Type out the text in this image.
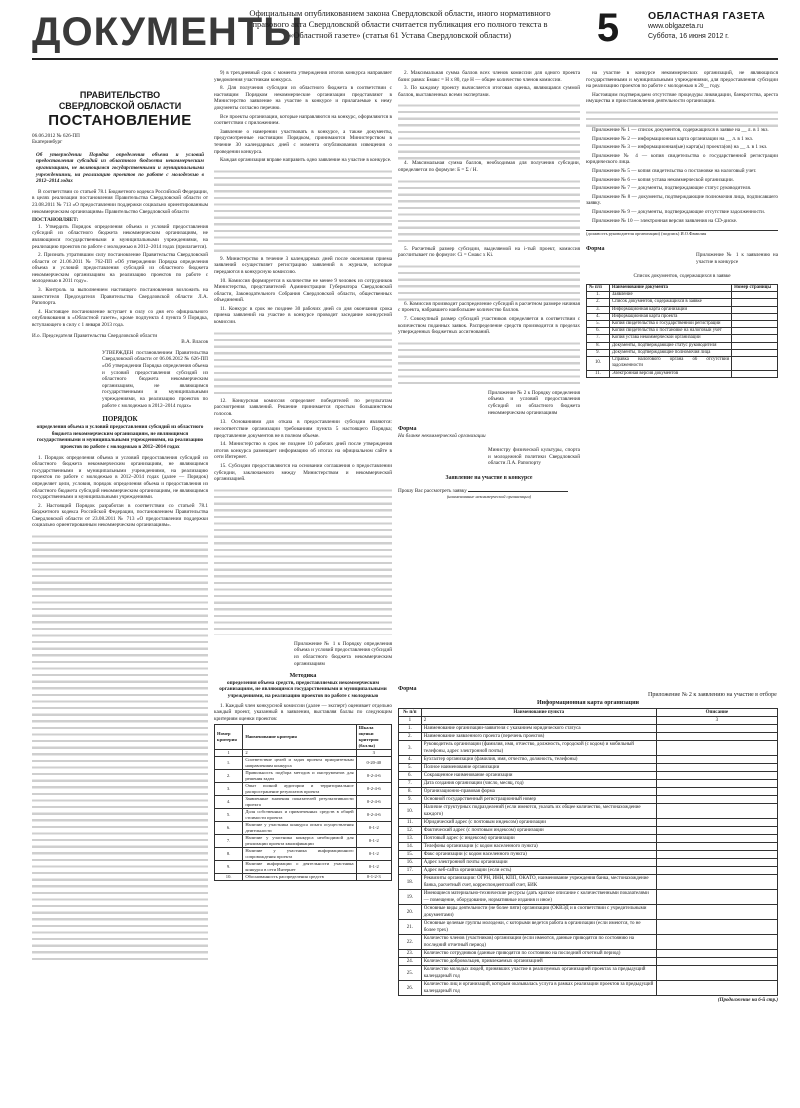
ДОКУМЕНТЫ
Официальным опубликованием закона Свердловской области, иного нормативного правового акта Свердловской области считается публикация его полного текста в «Областной газете» (статья 61 Устава Свердловской области)	5	ОБЛАСТНАЯ ГАЗЕТА
www.oblgazeta.ru
Суббота, 16 июня 2012 г.
ПРАВИТЕЛЬСТВО
СВЕРДЛОВСКОЙ ОБЛАСТИ
ПОСТАНОВЛЕНИЕ
06.06.2012 № 626-ПП
Екатеринбург
Об утверждении Порядка определения объема и условий предоставления субсидий из областного бюджета некоммерческим организациям, не являющимся государственными и муниципальными учреждениями, на реализацию проектов по работе с молодежью в 2012–2014 годах

В соответствии со статьей 78.1 Бюджетного кодекса Российской Федерации, в целях реализации постановления Правительства Свердловской области от 23.08.2011 № 713 «О предоставлении поддержки социально ориентированным некоммерческим организациям» Правительство Свердловской области

ПОСТАНОВЛЯЕТ:

1. Утвердить Порядок определения объема и условий предоставления субсидий из областного бюджета некоммерческим организациям, не являющимся государственными и муниципальными учреждениями, на реализацию проектов по работе с молодежью в 2012–2014 годах (прилагается).

2. Признать утратившим силу постановление Правительства Свердловской области от 21.06.2011 № 762-ПП «Об утверждении Порядка определения объема и условий предоставления субсидий из областного бюджета некоммерческим организациям на реализацию проектов по работе с молодежью в 2011 году».

3. Контроль за выполнением настоящего постановления возложить на заместителя Председателя Правительства Свердловской области Л.А. Рапопорта.

4. Настоящее постановление вступает в силу со дня его официального опубликования в «Областной газете», кроме подпункта 4 пункта 9 Порядка, вступающего в силу с 1 января 2013 года.

И.о. Председателя Правительства Свердловской области
В.А. Власов
УТВЕРЖДЕН постановлением Правительства Свердловской области от 06.06.2012 № 626-ПП «Об утверждении Порядка определения объема и условий предоставления субсидий из областного бюджета некоммерческим организациям, не являющимся государственными и муниципальными учреждениями, на реализацию проектов по работе с молодежью в 2012–2014 годах»
ПОРЯДОК
определения объема и условий предоставления субсидий из областного бюджета некоммерческим организациям, не являющимся государственными и муниципальными учреждениями, на реализацию проектов по работе с молодежью в 2012–2014 годах

1. Порядок определения объема и условий предоставления субсидий из областного бюджета некоммерческим организациям, не являющимся государственными и муниципальными учреждениями, на реализацию проектов по работе с молодежью в 2012–2014 годах (далее — Порядок) определяет цели, условия, порядок определения объема и предоставления из областного бюджета субсидий некоммерческим организациям, не являющимся государственными и муниципальными учреждениями.

2. Настоящий Порядок разработан в соответствии со статьей 78.1 Бюджетного кодекса Российской Федерации, постановлением Правительства Свердловской области от 23.08.2011 № 713 «О предоставлении поддержки социально ориентированным некоммерческим организациям».

9) в трехдневный срок с момента утверждения итогов конкурса направляет уведомления участникам конкурса.

8. Для получения субсидии из областного бюджета в соответствии с настоящим Порядком некоммерческие организации представляют в Министерство заявление на участие в конкурсе и прилагаемые к нему документы согласно перечню.

Все проекты организации, которые направляются на конкурс, оформляются в соответствии с приложением.

Заявление о намерении участвовать в конкурсе, а также документы, предусмотренные настоящим Порядком, принимаются Министерством в течение 30 календарных дней с момента опубликования извещения о проведении конкурса.

Каждая организация вправе направить одно заявление на участие в конкурсе.

9. Министерство в течение 3 календарных дней после окончания приема заявлений осуществляет регистрацию заявлений в журнале, которые передаются в конкурсную комиссию.

10. Комиссия формируется в количестве не менее 9 человек из сотрудников Министерства, представителей Администрации Губернатора Свердловской области, Законодательного Собрания Свердловской области, общественных объединений.

11. Конкурс в срок не позднее 30 рабочих дней со дня окончания срока приема заявлений на участие в конкурсе проводит заседание конкурсной комиссии.

12. Конкурсная комиссия определяет победителей по результатам рассмотрения заявлений. Решение принимается простым большинством голосов.

13. Основаниями для отказа в предоставлении субсидии являются: несоответствие организации требованиям пункта 5 настоящего Порядка; представление документов не в полном объеме.

14. Министерство в срок не позднее 10 рабочих дней после утверждения итогов конкурса размещает информацию об итогах на официальном сайте в сети Интернет.

15. Субсидии предоставляются на основании соглашения о предоставлении субсидии, заключаемого между Министерством и некоммерческой организацией.

Приложение № 1 к Порядку определения объема и условий предоставления субсидий из областного бюджета некоммерческим организациям
Методика
определения объема средств, предоставляемых некоммерческим организациям, не являющимся государственными и муниципальными учреждениями, на реализацию проектов по работе с молодежью

1. Каждый член конкурсной комиссии (далее — эксперт) оценивает отдельно каждый проект, указанный в заявлении, выставляя баллы по следующим критериям оценки проектов:

Номер критерия	Наименование критерия	Шкала оценки критерия (баллы)
1	2	3
1.	Соответствие целей и задач проекта приоритетным направлениям конкурса	0-20-40
2.	Правильность подбора методов и инструментов для решения задач	0-2-4-6
3.	Опыт полной аудитории и территориальное распространение результатов проекта	0-2-4-6
4.	Заявленные значения показателей результативности проекта	0-2-4-6
5.	Доля собственных и привлеченных средств в общей стоимости проекта	0-2-4-6
6.	Наличие у участника конкурса опыта осуществления деятельности	0-1-2
7.	Наличие у участника конкурса необходимой для реализации проекта квалификации	0-1-2
8.	Наличие у участника информационного сопровождения проекта	0-1-2
9.	Наличие информации о деятельности участника конкурса в сети Интернет	0-1-2
10.	Обоснованность распределения средств	0-1-2-3

2. Максимальная сумма баллов всех членов комиссии для одного проекта базис равна: Бмакс = Н х 80, где Н — общее количество членов комиссии.

3. По каждому проекту вычисляется итоговая оценка, являющаяся суммой баллов, выставленных всеми экспертами.

4. Максимальная сумма баллов, необходимая для получения субсидии, определяется по формуле: Б = Σ / Н.

5. Расчетный размер субсидии, выделяемой на i-тый проект, комиссия рассчитывает по формуле: Ci = Смакс x Ki.

6. Комиссия производит распределение субсидий в расчетном размере начиная с проекта, набравшего наибольшее количество баллов.

7. Совокупный размер субсидий участников определяется в соответствии с количеством поданных заявок. Распределение средств производится в пределах утвержденных бюджетных ассигнований.

Приложение № 2 к Порядку определения объема и условий предоставления субсидий из областного бюджета некоммерческим организациям
Форма
На бланке некоммерческой организации
Министру физической культуры, спорта и молодежной политики Свердловской области Л.А. Рапопорту
Заявление на участие в конкурсе
Прошу Вас рассмотреть заявку
(наименование некоммерческой организации)

на участие в конкурсе некоммерческих организаций, не являющихся государственными и муниципальными учреждениями, для предоставления субсидии на реализацию проектов по работе с молодежью в 20__ году.

Настоящим подтверждаем отсутствие процедуры ликвидации, банкротства, ареста имущества и приостановления деятельности организации.

Приложение № 1 — список документов, содержащихся в заявке на __ л. в 1 экз.

Приложение № 2 — информационная карта организации на __ л. в 1 экз.

Приложение № 3 — информационная(ые) карта(ы) проекта(ов) на __ л. в 1 экз.

Приложение № 4 — копия свидетельства о государственной регистрации юридического лица.

Приложение № 5 — копия свидетельства о постановке на налоговый учет.

Приложение № 6 — копия устава некоммерческой организации.

Приложение № 7 — документы, подтверждающие статус руководителя.

Приложение № 8 — документы, подтверждающие полномочия лица, подписавшего заявку.

Приложение № 9 — документы, подтверждающие отсутствие задолженности.

Приложение № 10 — электронная версия заявления на CD-диске.

(должность руководителя организации) (подпись) И.О.Фамилия
Форма
Приложение № 1 к заявлению на участие в конкурсе
Список документов, содержащихся в заявке
№ п/п	Наименование документа	Номер страницы
1.	Заявление	
2.	Список документов, содержащихся в заявке	
3.	Информационная карта организации	
4.	Информационная карта проекта	
5.	Копия свидетельства о государственной регистрации	
6.	Копия свидетельства о постановке на налоговый учет	
7.	Копия устава некоммерческой организации	
8.	Документы, подтверждающие статус руководителя	
9.	Документы, подтверждающие полномочия лица	
10.	Справка налогового органа об отсутствии задолженности	
11.	Электронная версия документов	
Форма
Приложение № 2 к заявлению на участие в отборе
Информационная карта организации
№ п/п	Наименование пункта	Описание
1	2	3
1.	Наименование организации-заявителя с указанием юридического статуса	
2.	Наименование заявленного проекта (перечень проектов)	
3.	Руководитель организации (фамилия, имя, отчество, должность, городской (с кодом) и мобильный телефоны, адрес электронной почты)	
4.	Бухгалтер организации (фамилия, имя, отчество, должность, телефоны)	
5.	Полное наименование организации	
6.	Сокращенное наименование организации	
7.	Дата создания организации (число, месяц, год)	
8.	Организационно-правовая форма	
9.	Основной государственный регистрационный номер	
10.	Наличие структурных подразделений (если имеются, указать их общее количество, местонахождение каждого)	
11.	Юридический адрес (с почтовым индексом) организации	
12.	Фактический адрес (с почтовым индексом) организации	
13.	Почтовый адрес (с индексом) организации	
14.	Телефоны организации (с кодом населенного пункта)	
15.	Факс организации (с кодом населенного пункта)	
16.	Адрес электронной почты организации	
17.	Адрес веб-сайта организации (если есть)	
18.	Реквизиты организации: ОГРН, ИНН, КПП, ОКАТО, наименование учреждения банка, местонахождение банка, расчетный счет, корреспондентский счет, БИК	
19.	Имеющиеся материально-технические ресурсы (дать краткое описание с количественными показателями — помещение, оборудование, нормативные издания и иное)	
20.	Основные виды деятельности (не более пяти) организации (ОКВЭД и в соответствии с учредительными документами)	
21.	Основные целевые группы молодежи, с которыми ведется работа в организации (если имеются, то не более трех)	
22.	Количество членов (участников) организации (если имеются, данные приводятся по состоянию на последний отчетный период)	
23.	Количество сотрудников (данные приводятся по состоянию на последний отчетный период)	
24.	Количество добровольцев, привлекаемых организацией	
25.	Количество молодых людей, принявших участие в реализуемых организацией проектах за предыдущий календарный год	
26.	Количество лиц и организаций, которым оказывалась услуга в рамках реализации проектов за предыдущий календарный год	
(Продолжение на 6-й стр.)
